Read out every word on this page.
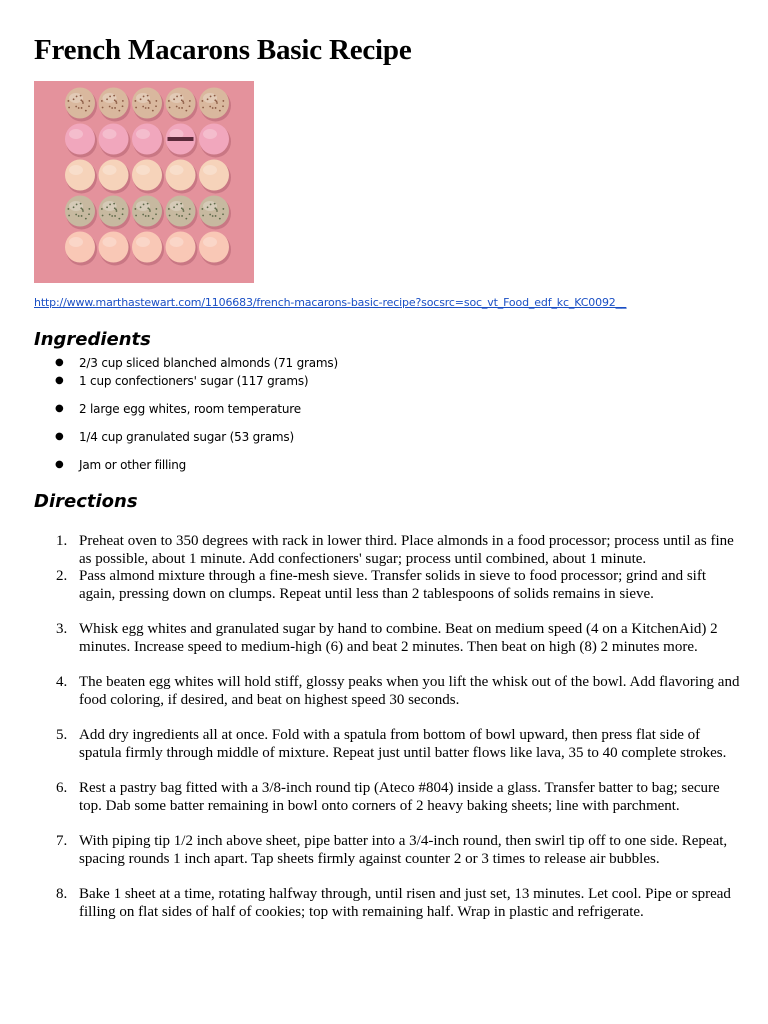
French Macarons Basic Recipe
http://www.marthastewart.com/1106683/french-macarons-basic-recipe?socsrc=soc_vt_Food_edf_kc_KC0092__
Ingredients
● 2/3 cup sliced blanched almonds (71 grams)
● 1 cup confectioners' sugar (117 grams)
● 2 large egg whites, room temperature
● 1/4 cup granulated sugar (53 grams)
● Jam or other filling
Directions
1. Preheat oven to 350 degrees with rack in lower third. Place almonds in a food processor; process until as fine as possible, about 1 minute. Add confectioners' sugar; process until combined, about 1 minute.
2. Pass almond mixture through a fine-mesh sieve. Transfer solids in sieve to food processor; grind and sift again, pressing down on clumps. Repeat until less than 2 tablespoons of solids remains in sieve.
3. Whisk egg whites and granulated sugar by hand to combine. Beat on medium speed (4 on a KitchenAid) 2 minutes. Increase speed to medium-high (6) and beat 2 minutes. Then beat on high (8) 2 minutes more.
4. The beaten egg whites will hold stiff, glossy peaks when you lift the whisk out of the bowl. Add flavoring and food coloring, if desired, and beat on highest speed 30 seconds.
5. Add dry ingredients all at once. Fold with a spatula from bottom of bowl upward, then press flat side of spatula firmly through middle of mixture. Repeat just until batter flows like lava, 35 to 40 complete strokes.
6. Rest a pastry bag fitted with a 3/8-inch round tip (Ateco #804) inside a glass. Transfer batter to bag; secure top. Dab some batter remaining in bowl onto corners of 2 heavy baking sheets; line with parchment.
7. With piping tip 1/2 inch above sheet, pipe batter into a 3/4-inch round, then swirl tip off to one side. Repeat, spacing rounds 1 inch apart. Tap sheets firmly against counter 2 or 3 times to release air bubbles.
8. Bake 1 sheet at a time, rotating halfway through, until risen and just set, 13 minutes. Let cool. Pipe or spread filling on flat sides of half of cookies; top with remaining half. Wrap in plastic and refrigerate.
